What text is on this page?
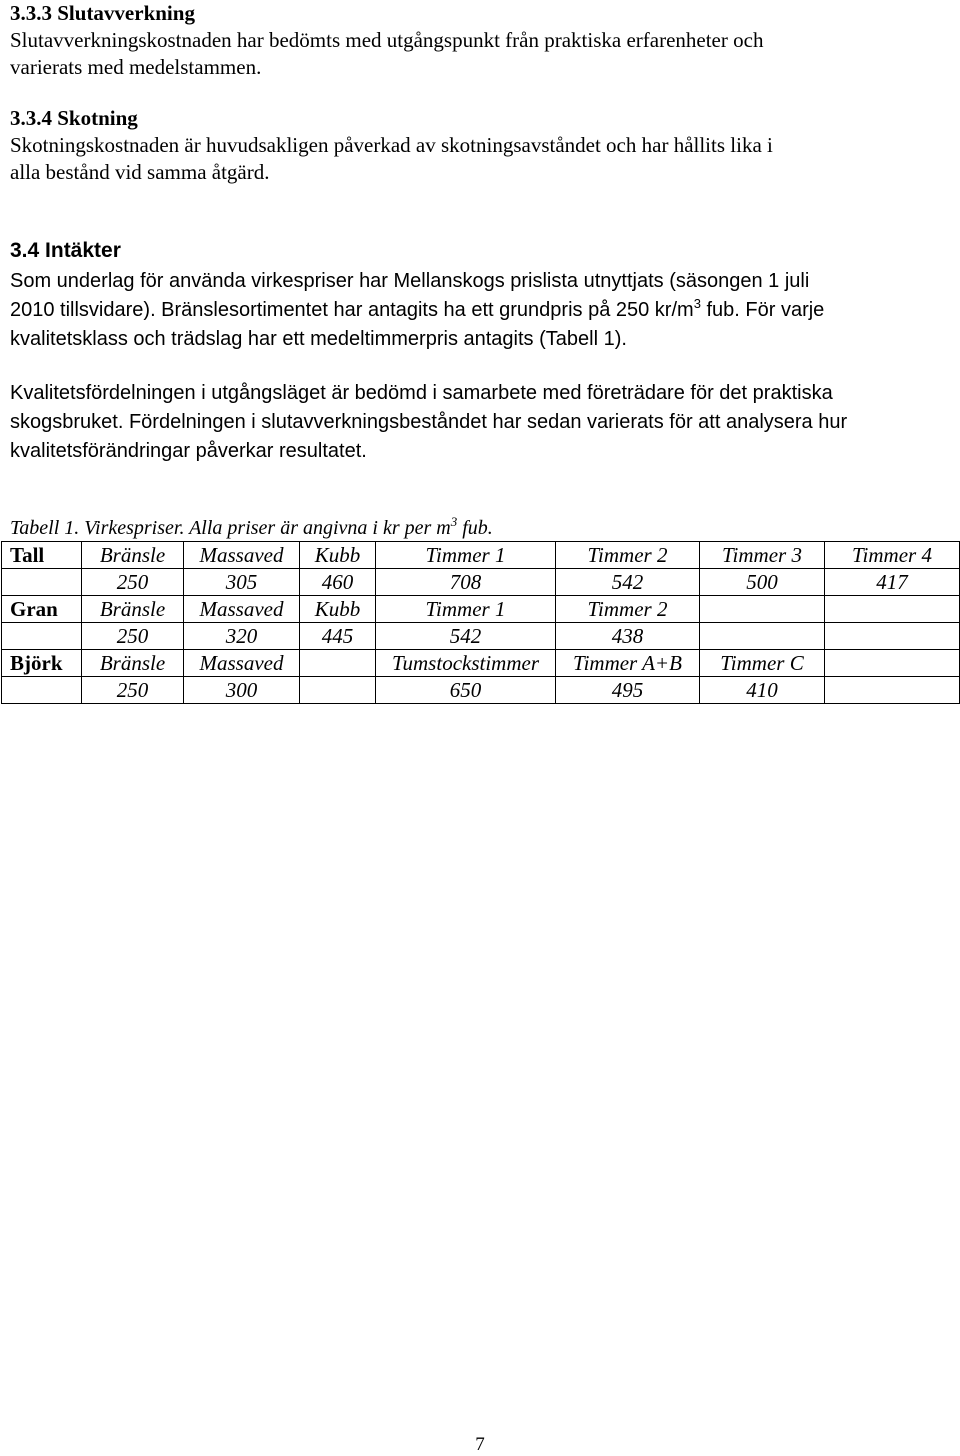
3.3.3 Slutavverkning

Slutavverkningskostnaden har bedömts med utgångspunkt från praktiska erfarenheter och

varierats med medelstammen.

3.3.4 Skotning

Skotningskostnaden är huvudsakligen påverkad av skotningsavståndet och har hållits lika i

alla bestånd vid samma åtgärd.

3.4 Intäkter

Som underlag för använda virkespriser har Mellanskogs prislista utnyttjats (säsongen 1 juli

2010 tillsvidare). Bränslesortimentet har antagits ha ett grundpris på 250 $kr/m^3$ fub. För varje

kvalitetsklass och trädslag har ett medeltimmerpris antagits (Tabell 1).

Kvalitetsfördelningen i utgångsläget är bedömd i samarbete med företrädare för det praktiska

skogsbruket. Fördelningen i slutavverkningsbeståndet har sedan varierats för att analysera hur

kvalitetsförändringar påverkar resultatet.

Tabell 1. Virkespriser. Alla priser är angivna i kr per $m^3$ fub.

Tall	Bränsle	Massaved	Kubb	Timmer 1	Timmer 2	Timmer 3	Timmer 4
	250	305	460	708	542	500	417
Gran	Bränsle	Massaved	Kubb	Timmer 1	Timmer 2		
	250	320	445	542	438		
Björk	Bränsle	Massaved		Tumstockstimmer	Timmer A+B	Timmer C	
	250	300		650	495	410	
7
